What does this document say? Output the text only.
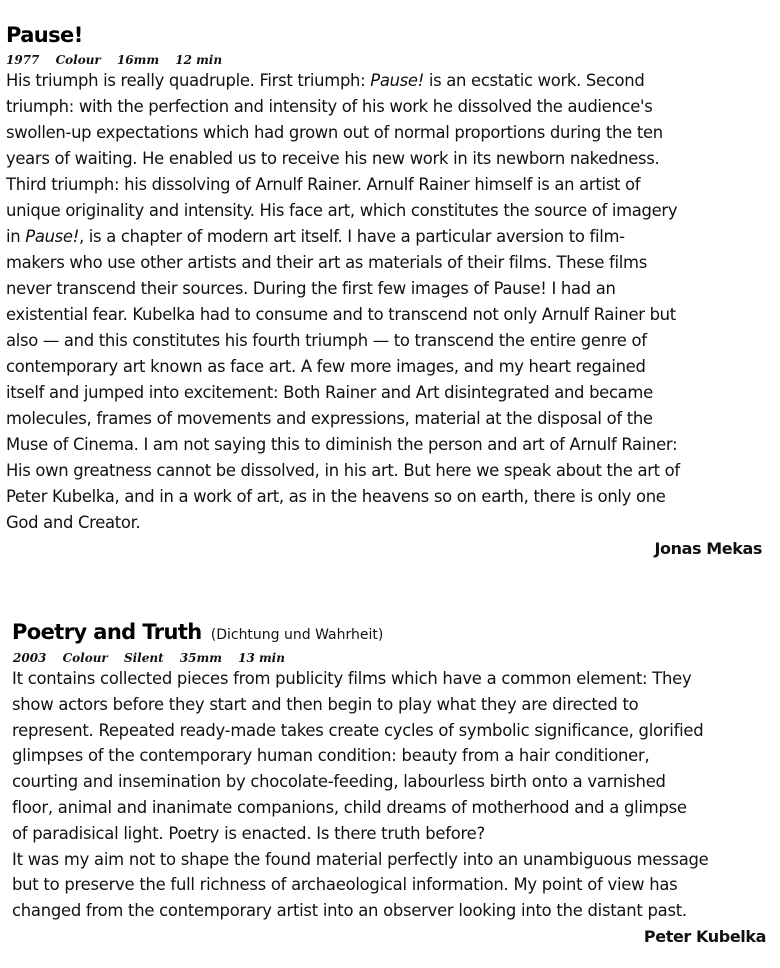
Pause!
1977 Colour 16mm 12 min
His triumph is really quadruple. First triumph: Pause! is an ecstatic work. Second
triumph: with the perfection and intensity of his work he dissolved the audience's
swollen-up expectations which had grown out of normal proportions during the ten
years of waiting. He enabled us to receive his new work in its newborn nakedness.
Third triumph: his dissolving of Arnulf Rainer. Arnulf Rainer himself is an artist of
unique originality and intensity. His face art, which constitutes the source of imagery
in Pause!, is a chapter of modern art itself. I have a particular aversion to film-
makers who use other artists and their art as materials of their films. These films
never transcend their sources. During the first few images of Pause! I had an
existential fear. Kubelka had to consume and to transcend not only Arnulf Rainer but
also — and this constitutes his fourth triumph — to transcend the entire genre of
contemporary art known as face art. A few more images, and my heart regained
itself and jumped into excitement: Both Rainer and Art disintegrated and became
molecules, frames of movements and expressions, material at the disposal of the
Muse of Cinema. I am not saying this to diminish the person and art of Arnulf Rainer:
His own greatness cannot be dissolved, in his art. But here we speak about the art of
Peter Kubelka, and in a work of art, as in the heavens so on earth, there is only one
God and Creator.
Jonas Mekas
Poetry and Truth (Dichtung und Wahrheit)
2003 Colour Silent 35mm 13 min
It contains collected pieces from publicity films which have a common element: They
show actors before they start and then begin to play what they are directed to
represent. Repeated ready-made takes create cycles of symbolic significance, glorified
glimpses of the contemporary human condition: beauty from a hair conditioner,
courting and insemination by chocolate-feeding, labourless birth onto a varnished
floor, animal and inanimate companions, child dreams of motherhood and a glimpse
of paradisical light. Poetry is enacted. Is there truth before?
It was my aim not to shape the found material perfectly into an unambiguous message
but to preserve the full richness of archaeological information. My point of view has
changed from the contemporary artist into an observer looking into the distant past.
Peter Kubelka
